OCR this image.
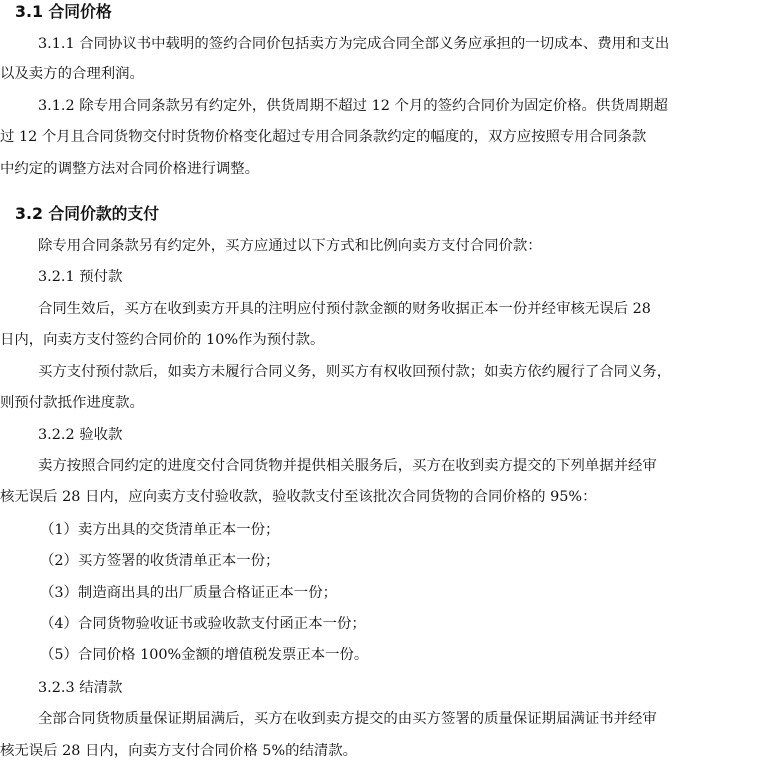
3.1 合同价格
3.1.1 合同协议书中载明的签约合同价包括卖方为完成合同全部义务应承担的一切成本、费用和支出
以及卖方的合理利润。
3.1.2 除专用合同条款另有约定外，供货周期不超过 12 个月的签约合同价为固定价格。供货周期超
过 12 个月且合同货物交付时货物价格变化超过专用合同条款约定的幅度的，双方应按照专用合同条款
中约定的调整方法对合同价格进行调整。
3.2 合同价款的支付
除专用合同条款另有约定外，买方应通过以下方式和比例向卖方支付合同价款：
3.2.1 预付款
合同生效后，买方在收到卖方开具的注明应付预付款金额的财务收据正本一份并经审核无误后 28
日内，向卖方支付签约合同价的 10%作为预付款。
买方支付预付款后，如卖方未履行合同义务，则买方有权收回预付款；如卖方依约履行了合同义务，
则预付款抵作进度款。
3.2.2 验收款
卖方按照合同约定的进度交付合同货物并提供相关服务后，买方在收到卖方提交的下列单据并经审
核无误后 28 日内，应向卖方支付验收款，验收款支付至该批次合同货物的合同价格的 95%：
（1）卖方出具的交货清单正本一份；
（2）买方签署的收货清单正本一份；
（3）制造商出具的出厂质量合格证正本一份；
（4）合同货物验收证书或验收款支付函正本一份；
（5）合同价格 100%金额的增值税发票正本一份。
3.2.3 结清款
全部合同货物质量保证期届满后，买方在收到卖方提交的由买方签署的质量保证期届满证书并经审
核无误后 28 日内，向卖方支付合同价格 5%的结清款。
